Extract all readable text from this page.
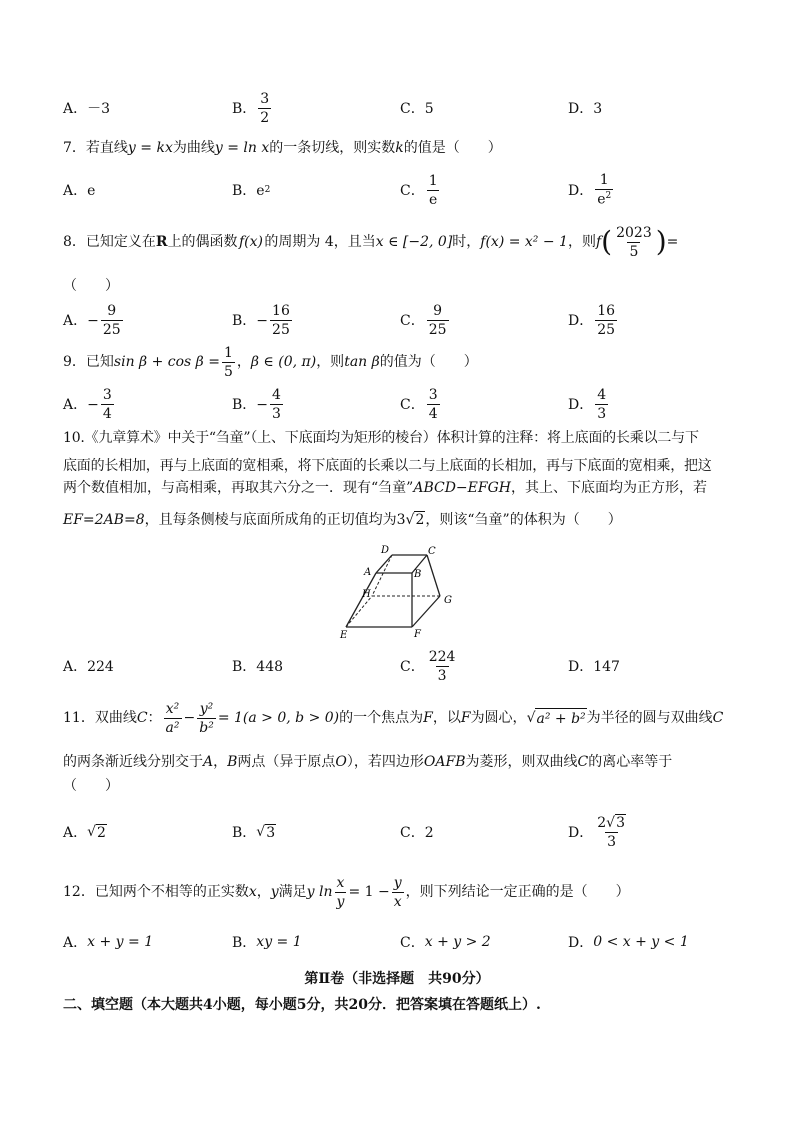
A．－3	B． $\frac{3}{2}$	C．5	D．3
7．若直线y = kx为曲线y = ln x的一条切线，则实数k的值是（　　）
A．e	B．e 2	C． $\frac{1}{e}$	D． $\frac{1}{e^2}$
8．已知定义在 R 上的偶函数
  f(x)
  的周期为 4，且当 x ∈ [−2, 0] 时， f(x) = x² − 1 ，则 f ( $\frac{2023}{5}$ ) =
（　　）
A．− $\frac{9}{25}$	B．− $\frac{16}{25}$	C． $\frac{9}{25}$	D． $\frac{16}{25}$
9．已知 $\sin \beta + \cos \beta = \frac{1}{5}$ ， β ∈ (0, π) ，则 tan β 的值为（　　）
A．− $\frac{3}{4}$	B．− $\frac{4}{3}$	C． $\frac{3}{4}$	D． $\frac{4}{3}$
10.《九章算术》中关于“刍童”（上、下底面均为矩形的棱台）体积计算的注释：将上底面的长乘以二与下
底面的长相加，再与上底面的宽相乘，将下底面的长乘以二与上底面的长相加，再与下底面的宽相乘，把这
两个数值相加，与高相乘，再取其六分之一．现有“刍童”ABCD−EFGH，其上、下底面均为正方形，若
EF=2AB=8，且每条侧棱与底面所成角的正切值均为3√2，则该“刍童”的体积为（　　）
D	C
A	B
H
G
E	F
A．224	B．448	C． $\frac{224}{3}$	D．147
11．双曲线 C ： $\frac{\text{x²}}{\text{a²}} - \frac{\text{y²}}{\text{b²}} = 1(a > 0$, b > 0) 的一个焦点为 F ，以 F 为圆心， √ a² + b² 为半径的圆与双曲线 C
的两条渐近线分别交于A，B两点（异于原点O），若四边形OAFB为菱形，则双曲线C的离心率等于
（　　）
A． √ 2	B． √ 3	C．2	D． $\frac{2√3}{3}$
12．已知两个不相等的正实数 x ， y 满足 y $\ln \frac{x}{y} = 1 - \frac{y}{x}$ ，则下列结论一定正确的是（　　）
A． x + y = 1	B． xy = 1	C． x + y > 2	D． 0 < x + y < 1
第Ⅱ卷（非选择题　共90分）
二、填空题（本大题共4小题，每小题5分，共20分．把答案填在答题纸上）.
